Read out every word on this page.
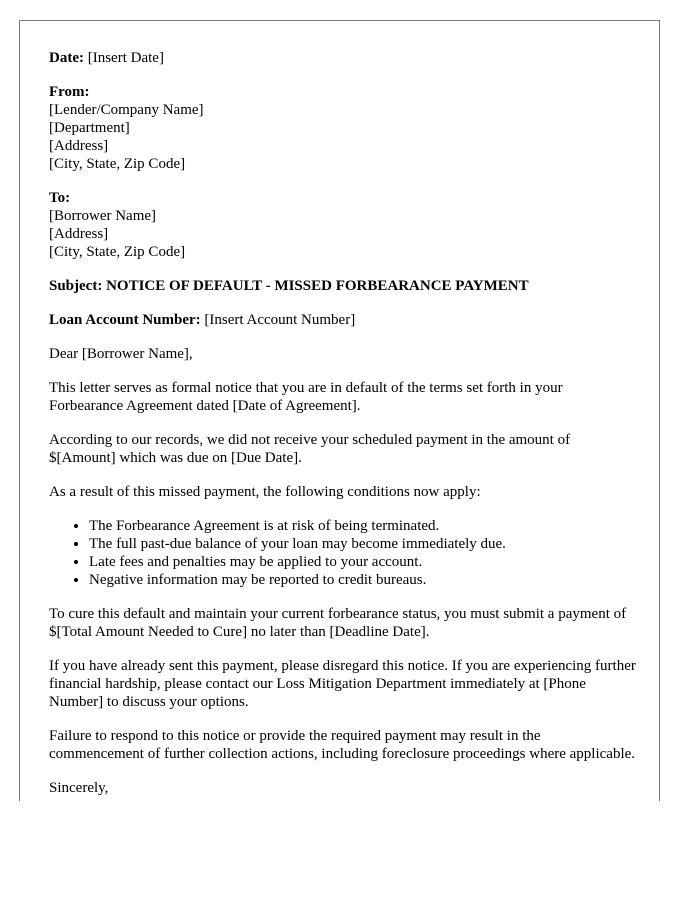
Date: [Insert Date]
From:
[Lender/Company Name]
[Department]
[Address]
[City, State, Zip Code]
To:
[Borrower Name]
[Address]
[City, State, Zip Code]
Subject: NOTICE OF DEFAULT - MISSED FORBEARANCE PAYMENT
Loan Account Number: [Insert Account Number]

Dear [Borrower Name],

This letter serves as formal notice that you are in default of the terms set forth in your Forbearance Agreement dated [Date of Agreement].

According to our records, we did not receive your scheduled payment in the amount of $[Amount] which was due on [Due Date].

As a result of this missed payment, the following conditions now apply:

• The Forbearance Agreement is at risk of being terminated.
• The full past-due balance of your loan may become immediately due.
• Late fees and penalties may be applied to your account.
• Negative information may be reported to credit bureaus.

To cure this default and maintain your current forbearance status, you must submit a payment of $[Total Amount Needed to Cure] no later than [Deadline Date].

If you have already sent this payment, please disregard this notice. If you are experiencing further financial hardship, please contact our Loss Mitigation Department immediately at [Phone Number] to discuss your options.

Failure to respond to this notice or provide the required payment may result in the commencement of further collection actions, including foreclosure proceedings where applicable.

Sincerely,
